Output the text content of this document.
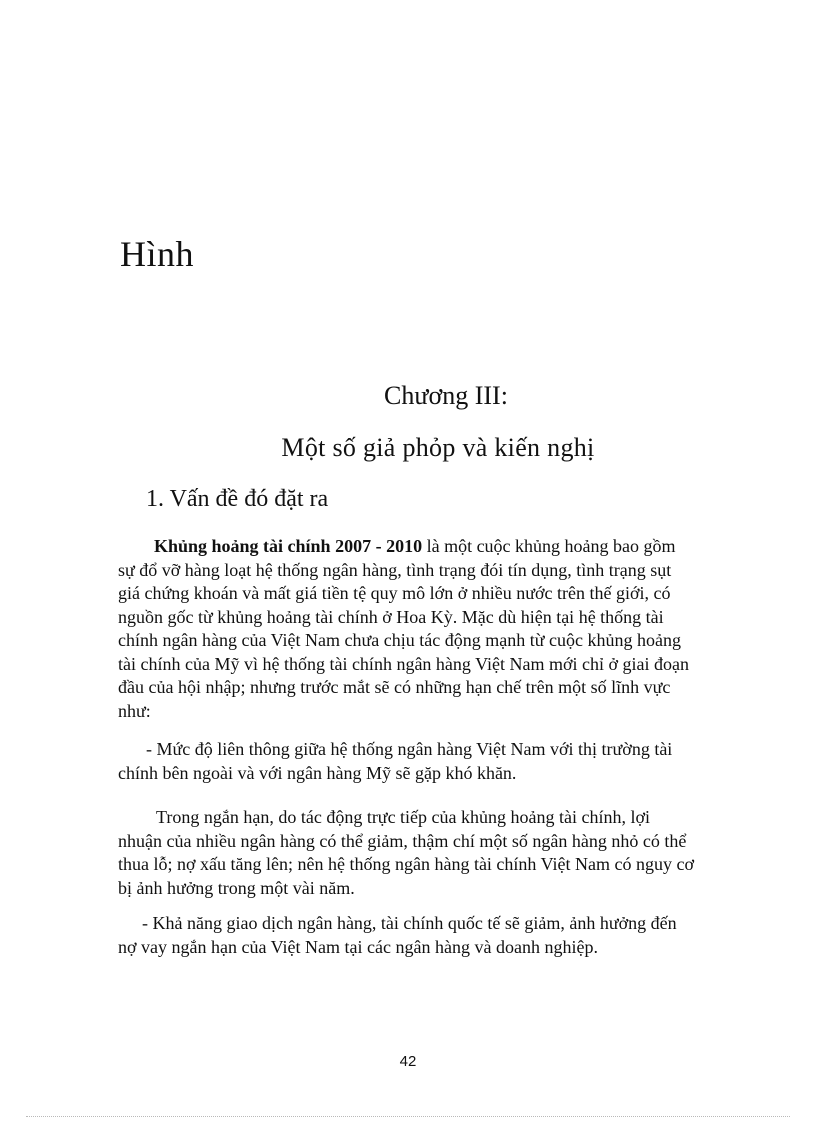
Hình
Chương III:
Một số giả phỏp và kiến nghị
1. Vấn đề đó đặt ra

Khủng hoảng tài chính 2007 - 2010 là một cuộc khủng hoảng bao gồm sự đổ vỡ hàng loạt hệ thống ngân hàng, tình trạng đói tín dụng, tình trạng sụt giá chứng khoán và mất giá tiền tệ quy mô lớn ở nhiều nước trên thế giới, có nguồn gốc từ khủng hoảng tài chính ở Hoa Kỳ. Mặc dù hiện tại hệ thống tài chính ngân hàng của Việt Nam chưa chịu tác động mạnh từ cuộc khủng hoảng tài chính của Mỹ vì hệ thống tài chính ngân hàng Việt Nam mới chỉ ở giai đoạn đầu của hội nhập; nhưng trước mắt sẽ có những hạn chế trên một số lĩnh vực như:

- Mức độ liên thông giữa hệ thống ngân hàng Việt Nam với thị trường tài chính bên ngoài và với ngân hàng Mỹ sẽ gặp khó khăn.

Trong ngắn hạn, do tác động trực tiếp của khủng hoảng tài chính, lợi nhuận của nhiều ngân hàng có thể giảm, thậm chí một số ngân hàng nhỏ có thể thua lỗ; nợ xấu tăng lên; nên hệ thống ngân hàng tài chính Việt Nam có nguy cơ bị ảnh hưởng trong một vài năm.

- Khả năng giao dịch ngân hàng, tài chính quốc tế sẽ giảm, ảnh hưởng đến nợ vay ngắn hạn của Việt Nam tại các ngân hàng và doanh nghiệp.

42
